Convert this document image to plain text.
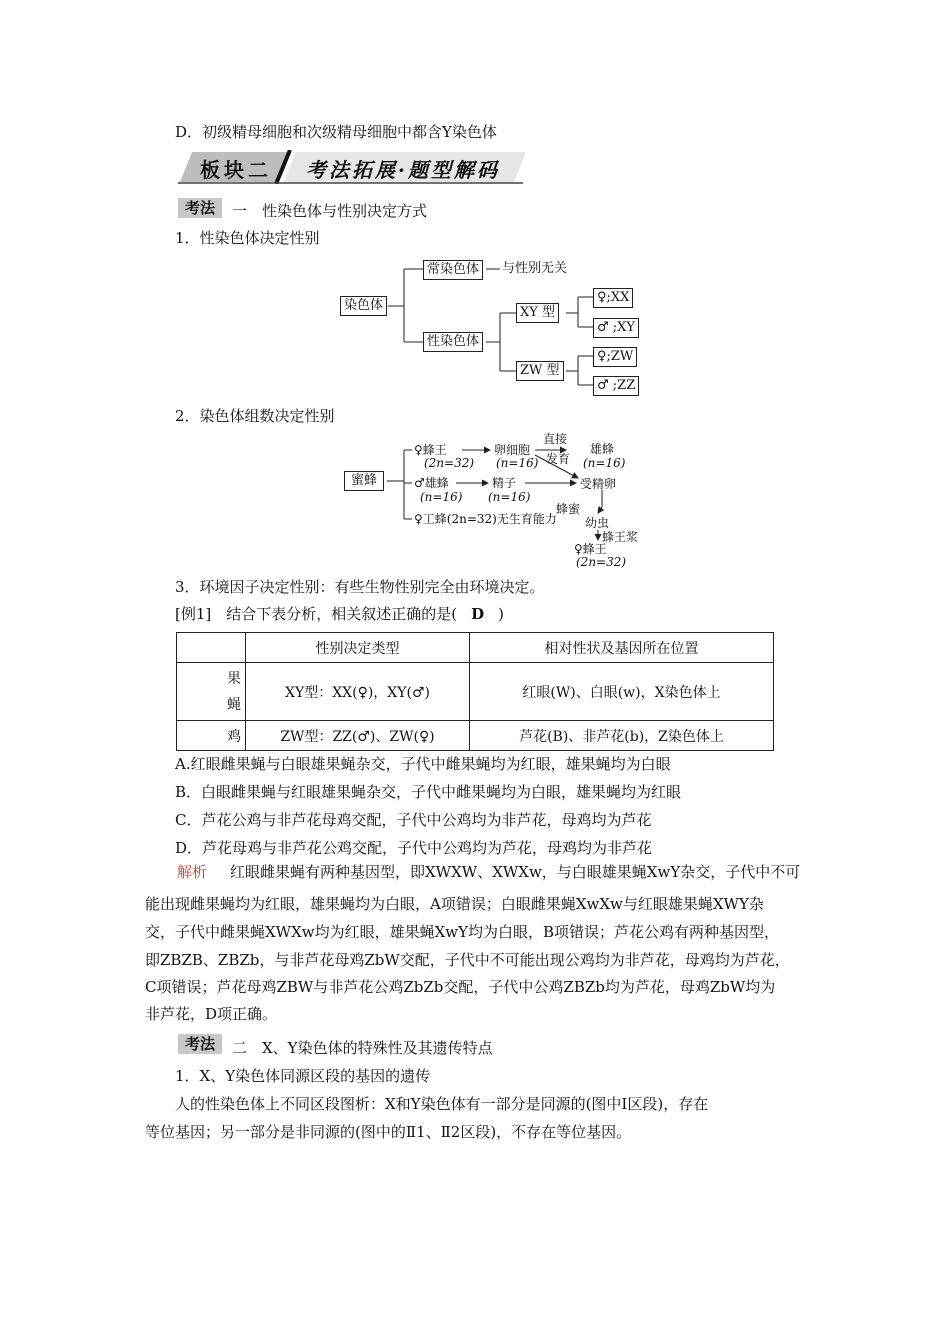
D．初级精母细胞和次级精母细胞中都含Y染色体
板块二 考法拓展·题型解码
考法	一 性染色体与性别决定方式
1．性染色体决定性别
染色体
常染色体	与性别无关
性染色体
XY 型
ZW 型
♀;XX
♂ ;XY
♀;ZW
♂ ;ZZ
2．染色体组数决定性别
蜜蜂
♀蜂王
(2n=32)
卵细胞
(n=16)
直接
发育
雄蜂
(n=16)
♂雄蜂
(n=16)
精子
(n=16)
受精卵
蜂蜜
♀工蜂(2n=32)无生育能力 幼虫
蜂王浆
♀蜂王
(2n=32)
3．环境因子决定性别：有些生物性别完全由环境决定。
[例1]　结合下表分析，相关叙述正确的是( D )
	性别决定类型	相对性状及基因所在位置
果蝇	XY型：XX(♀)，XY(♂)	红眼(W)、白眼(w)，X染色体上
鸡	ZW型：ZZ(♂)、ZW(♀)	芦花(B)、非芦花(b)，Z染色体上
A.红眼雌果蝇与白眼雄果蝇杂交，子代中雌果蝇均为红眼，雄果蝇均为白眼
B．白眼雌果蝇与红眼雄果蝇杂交，子代中雌果蝇均为白眼，雄果蝇均为红眼
C．芦花公鸡与非芦花母鸡交配，子代中公鸡均为非芦花，母鸡均为芦花
D．芦花母鸡与非芦花公鸡交配，子代中公鸡均为芦花，母鸡均为非芦花
解析 红眼雌果蝇有两种基因型，即XWXW、XWXw，与白眼雄果蝇XwY杂交，子代中不可
能出现雌果蝇均为红眼，雄果蝇均为白眼，A项错误；白眼雌果蝇XwXw与红眼雄果蝇XWY杂
交，子代中雌果蝇XWXw均为红眼，雄果蝇XwY均为白眼，B项错误；芦花公鸡有两种基因型，
即ZBZB、ZBZb，与非芦花母鸡ZbW交配，子代中不可能出现公鸡均为非芦花，母鸡均为芦花，
C项错误；芦花母鸡ZBW与非芦花公鸡ZbZb交配，子代中公鸡ZBZb均为芦花，母鸡ZbW均为
非芦花，D项正确。
考法	二 X、Y染色体的特殊性及其遗传特点
1．X、Y染色体同源区段的基因的遗传
人的性染色体上不同区段图析：X和Y染色体有一部分是同源的(图中Ⅰ区段)，存在
等位基因；另一部分是非同源的(图中的Ⅱ1、Ⅱ2区段)，不存在等位基因。
